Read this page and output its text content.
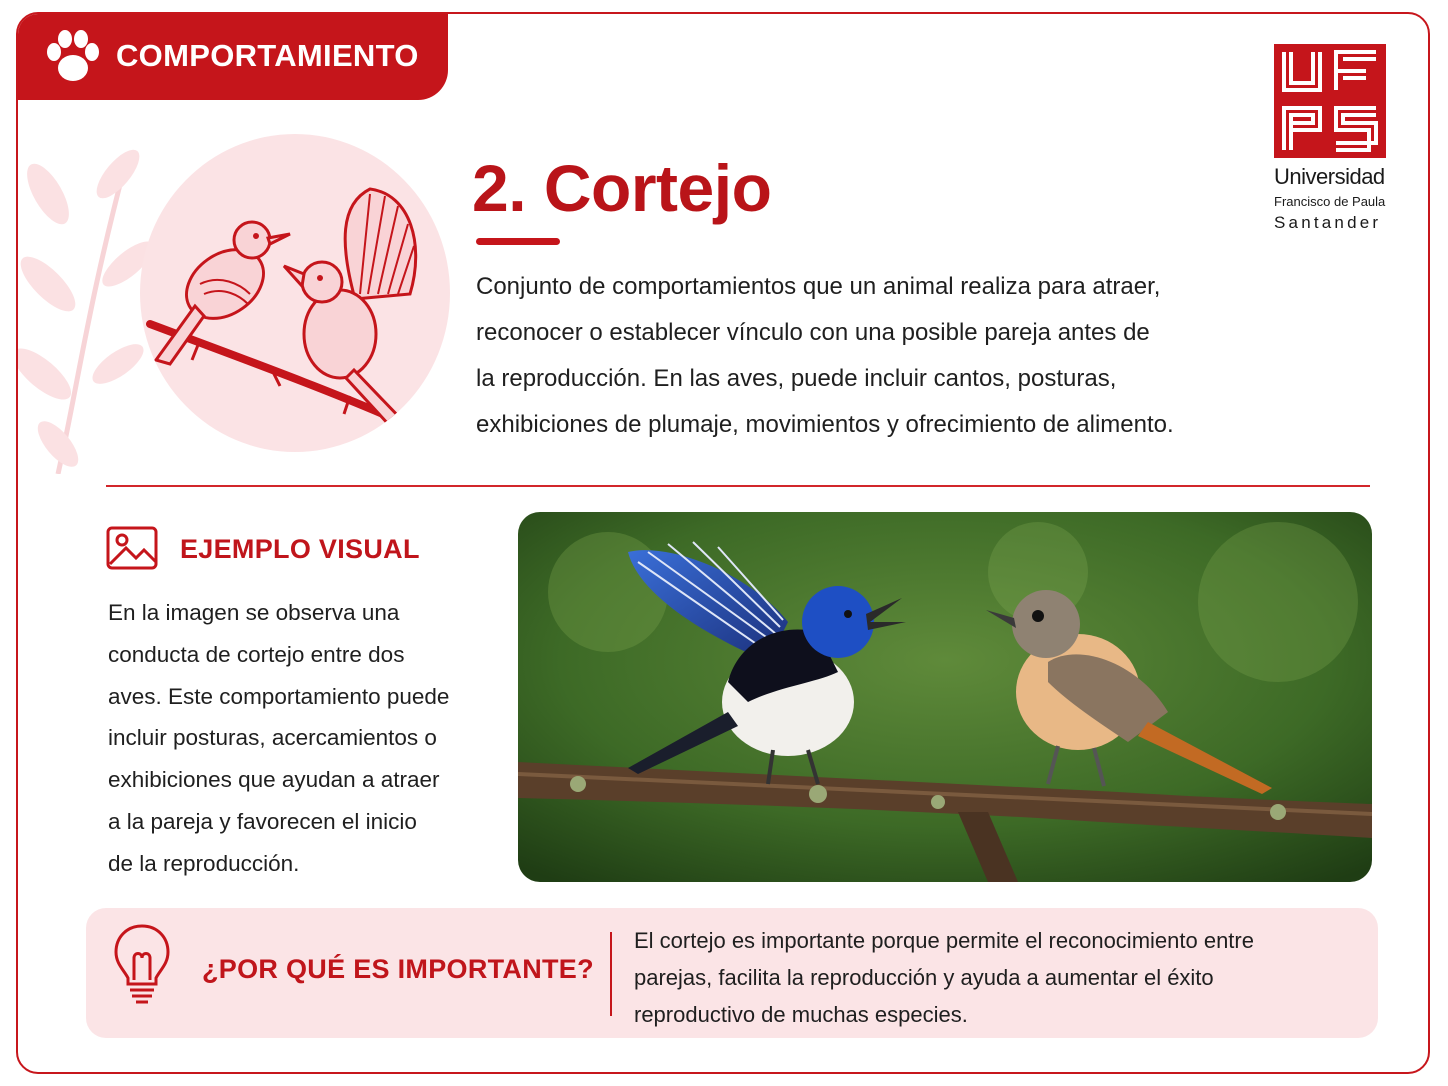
COMPORTAMIENTO
2. Cortejo
Conjunto de comportamientos que un animal realiza para atraer,
reconocer o establecer vínculo con una posible pareja antes de
la reproducción. En las aves, puede incluir cantos, posturas,
exhibiciones de plumaje, movimientos y ofrecimiento de alimento.
Universidad
Francisco de Paula
Santander
EJEMPLO VISUAL
En la imagen se observa una
conducta de cortejo entre dos
aves. Este comportamiento puede
incluir posturas, acercamientos o
exhibiciones que ayudan a atraer
a la pareja y favorecen el inicio
de la reproducción.
¿POR QUÉ ES IMPORTANTE?
El cortejo es importante porque permite el reconocimiento entre
parejas, facilita la reproducción y ayuda a aumentar el éxito
reproductivo de muchas especies.
